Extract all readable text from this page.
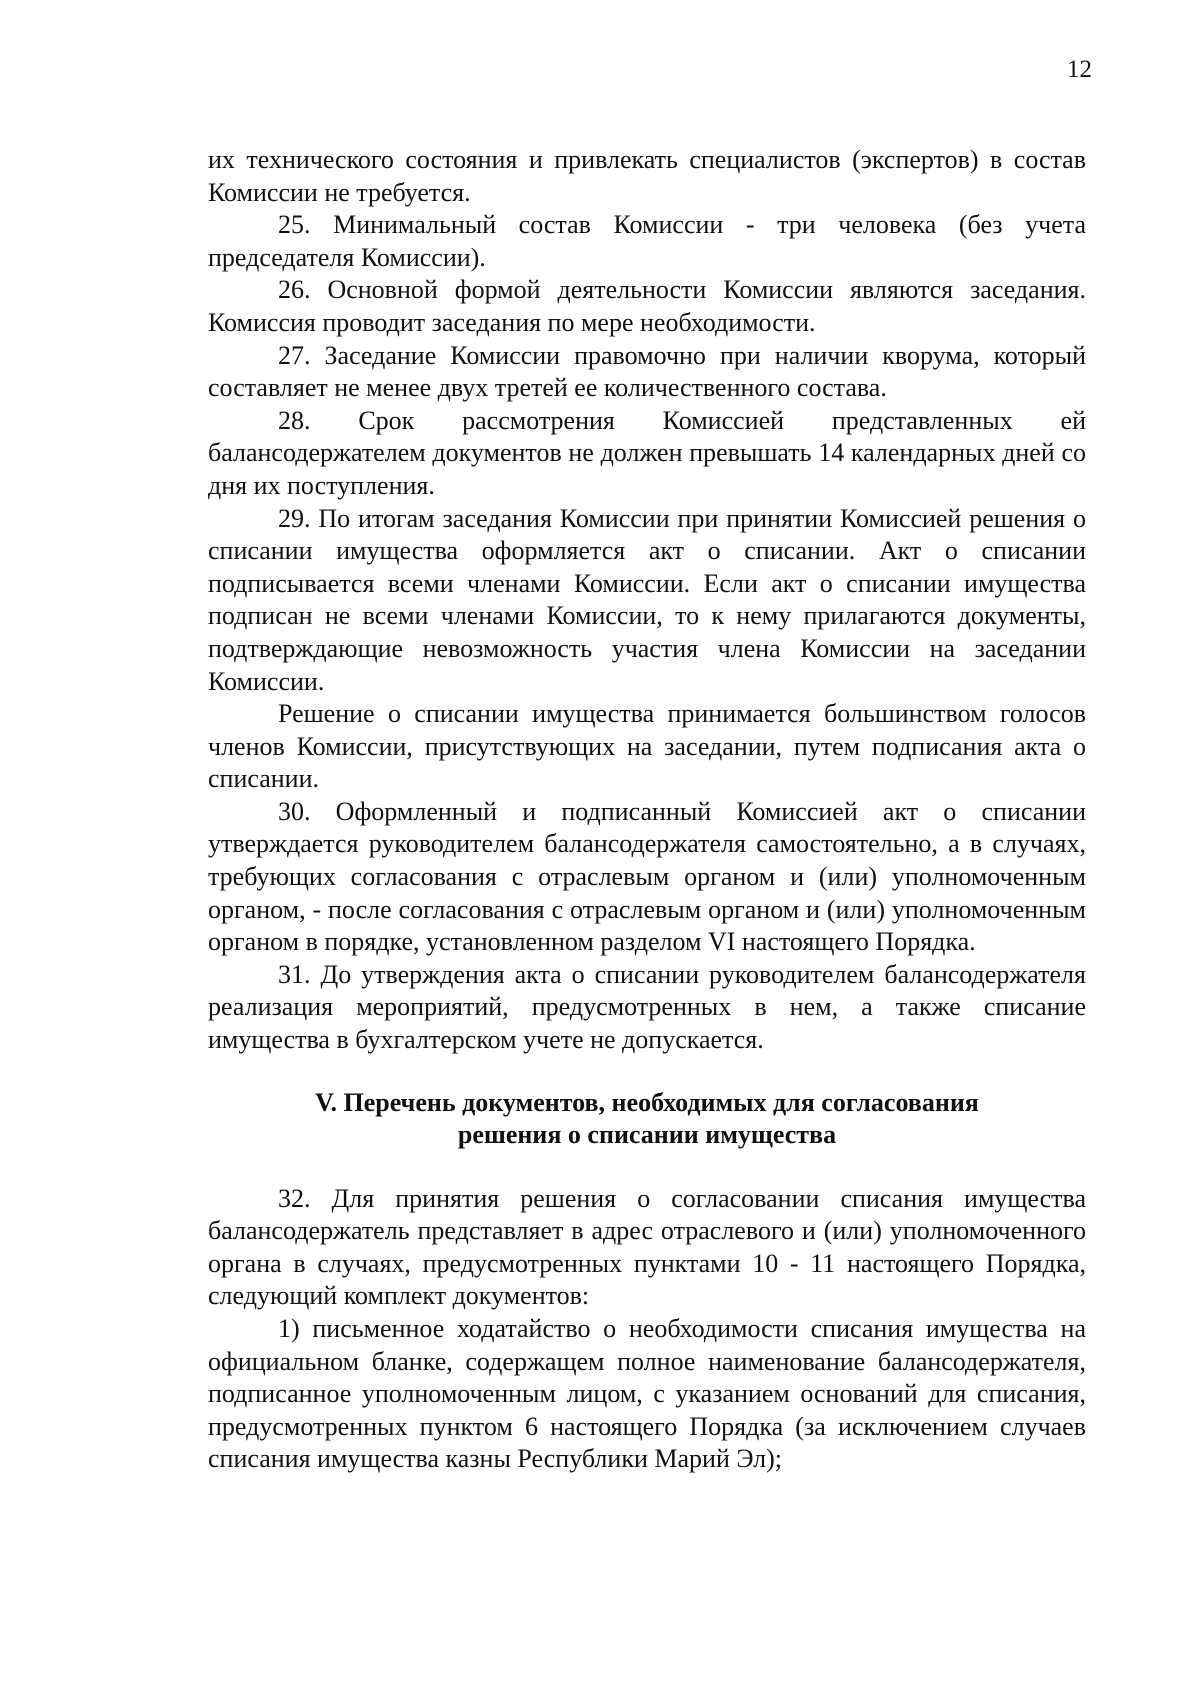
12

их технического состояния и привлекать специалистов (экспертов) в состав Комиссии не требуется.

25. Минимальный состав Комиссии - три человека (без учета председателя Комиссии).

26. Основной формой деятельности Комиссии являются заседания. Комиссия проводит заседания по мере необходимости.

27. Заседание Комиссии правомочно при наличии кворума, который составляет не менее двух третей ее количественного состава.

28. Срок рассмотрения Комиссией представленных ей балансодержателем документов не должен превышать 14 календарных дней со дня их поступления.

29. По итогам заседания Комиссии при принятии Комиссией решения о списании имущества оформляется акт о списании. Акт о списании подписывается всеми членами Комиссии. Если акт о списании имущества подписан не всеми членами Комиссии, то к нему прилагаются документы, подтверждающие невозможность участия члена Комиссии на заседании Комиссии.

Решение о списании имущества принимается большинством голосов членов Комиссии, присутствующих на заседании, путем подписания акта о списании.

30. Оформленный и подписанный Комиссией акт о списании утверждается руководителем балансодержателя самостоятельно, а в случаях, требующих согласования с отраслевым органом и (или) уполномоченным органом, - после согласования с отраслевым органом и (или) уполномоченным органом в порядке, установленном разделом VI настоящего Порядка.

31. До утверждения акта о списании руководителем балансодержателя реализация мероприятий, предусмотренных в нем, а также списание имущества в бухгалтерском учете не допускается.

V. Перечень документов, необходимых для согласования
решения о списании имущества

32. Для принятия решения о согласовании списания имущества балансодержатель представляет в адрес отраслевого и (или) уполномоченного органа в случаях, предусмотренных пунктами 10 - 11 настоящего Порядка, следующий комплект документов:

1) письменное ходатайство о необходимости списания имущества на официальном бланке, содержащем полное наименование балансодержателя, подписанное уполномоченным лицом, с указанием оснований для списания, предусмотренных пунктом 6 настоящего Порядка (за исключением случаев списания имущества казны Республики Марий Эл);
